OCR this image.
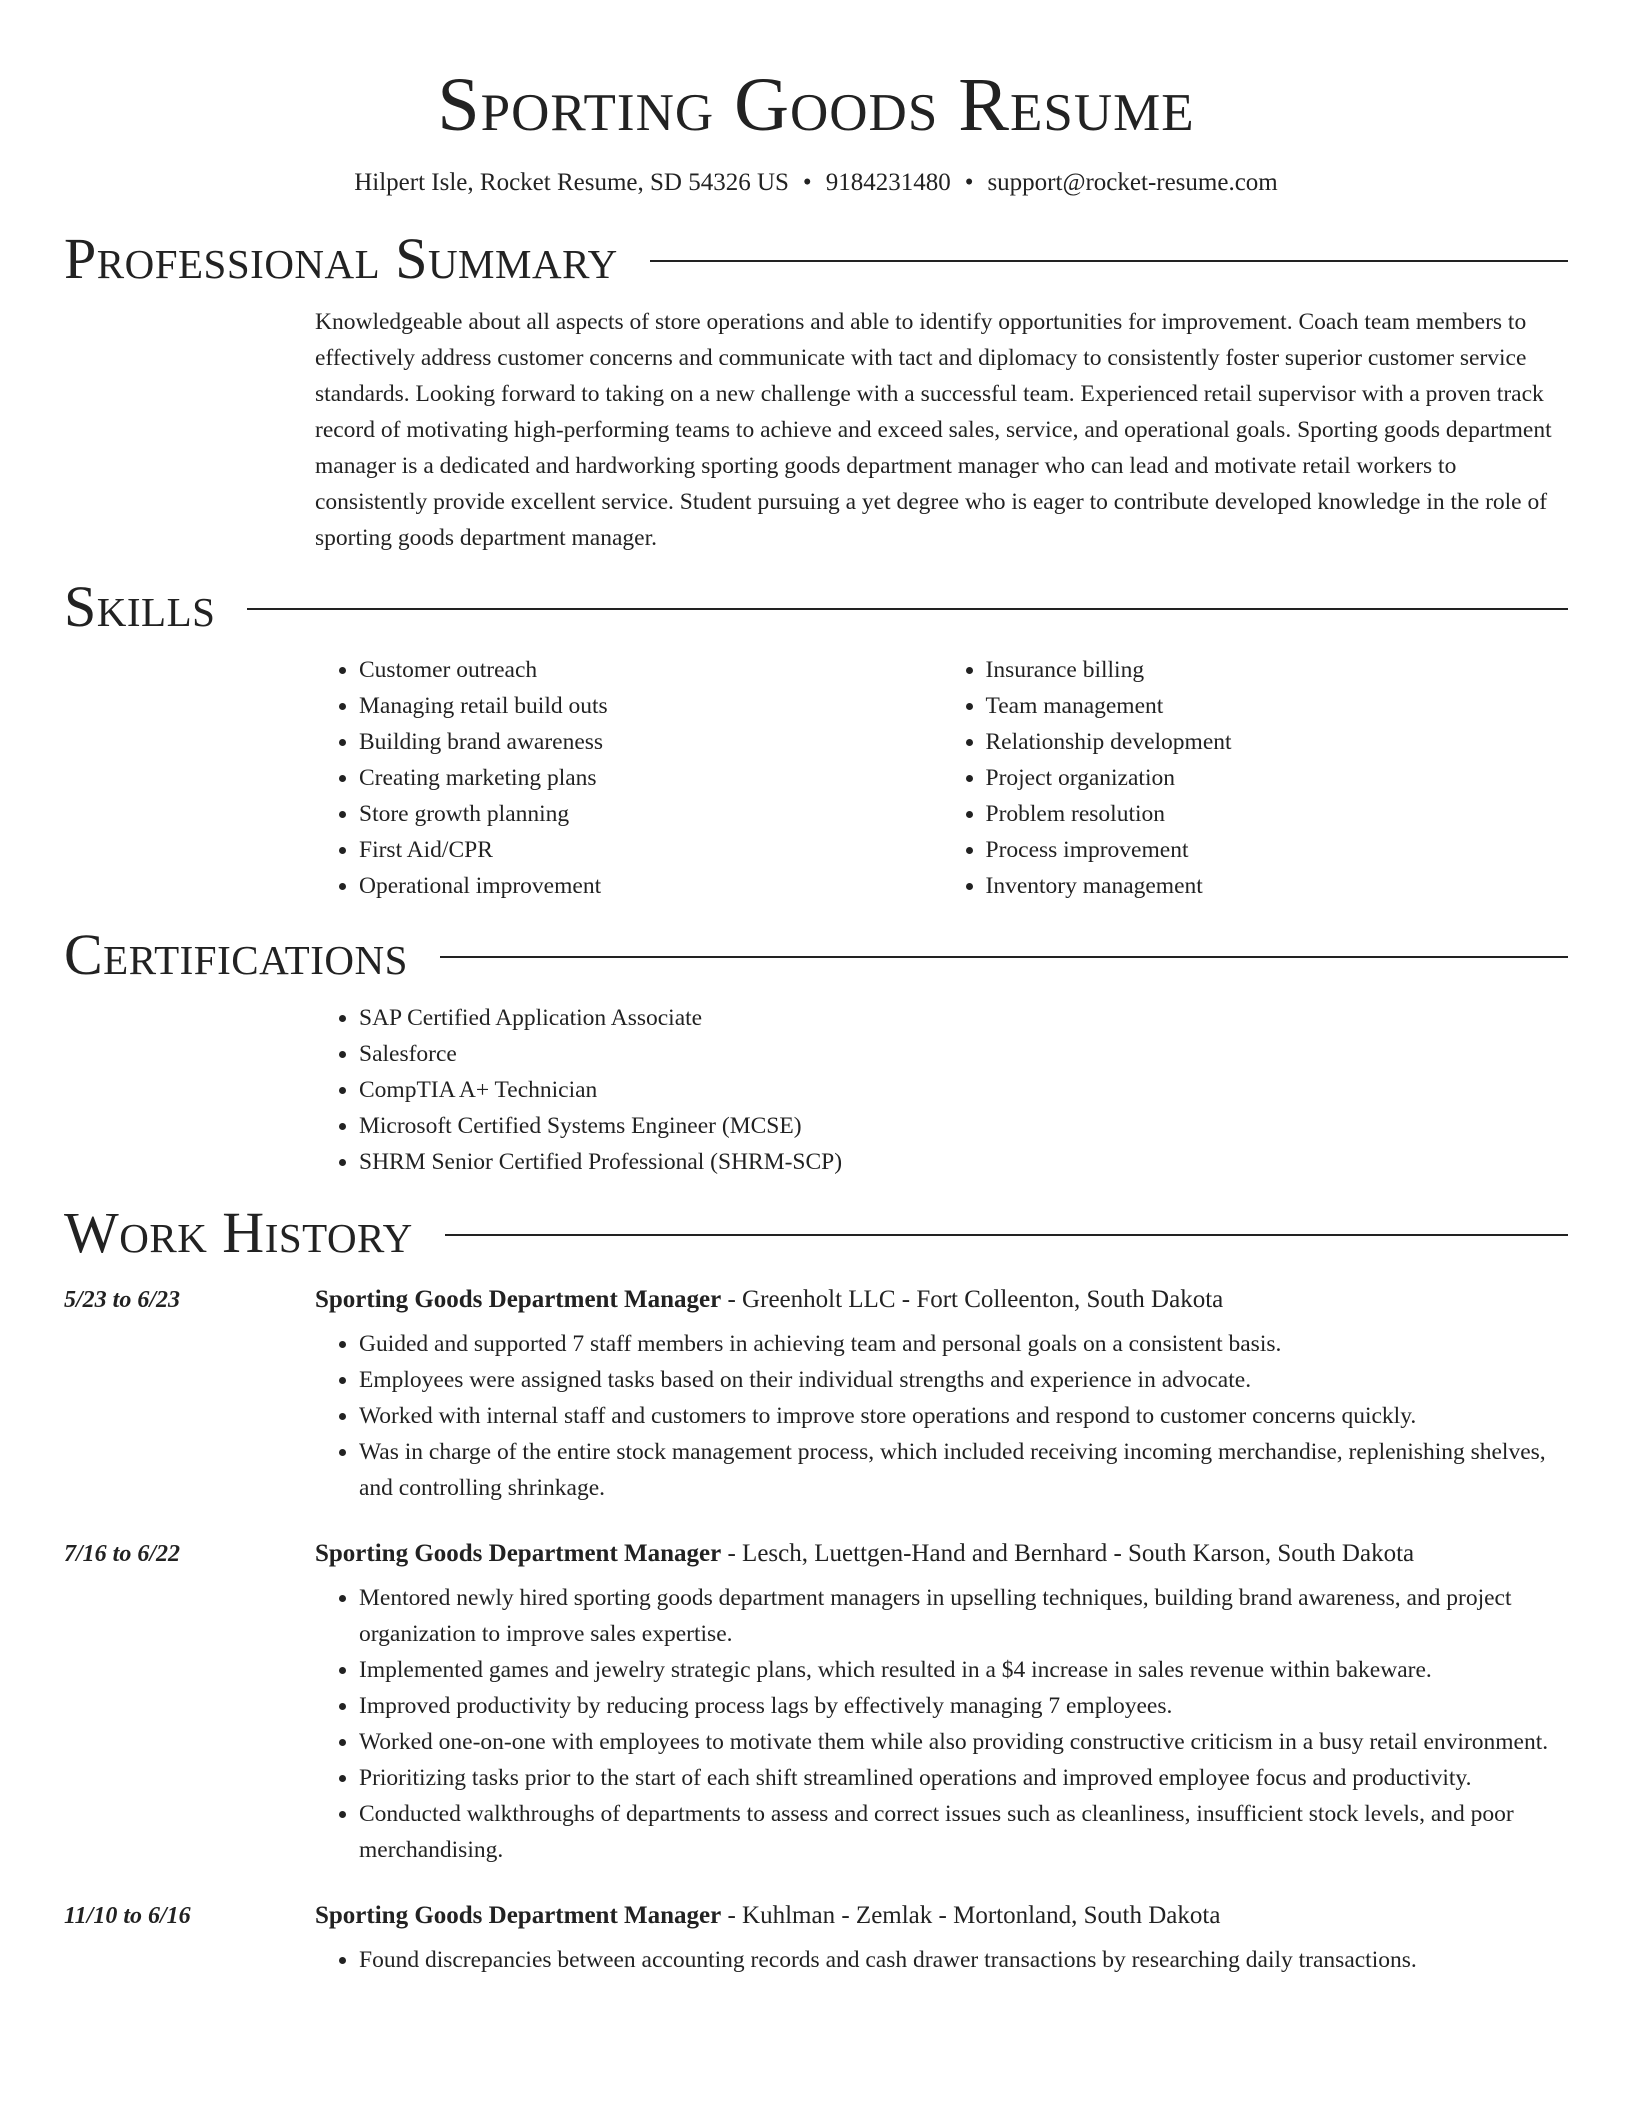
Sporting Goods Resume
Hilpert Isle, Rocket Resume, SD 54326 US • 9184231480 • support@rocket-resume.com
Professional Summary

Knowledgeable about all aspects of store operations and able to identify opportunities for improvement. Coach team members to effectively address customer concerns and communicate with tact and diplomacy to consistently foster superior customer service standards. Looking forward to taking on a new challenge with a successful team. Experienced retail supervisor with a proven track record of motivating high-performing teams to achieve and exceed sales, service, and operational goals. Sporting goods department manager is a dedicated and hardworking sporting goods department manager who can lead and motivate retail workers to consistently provide excellent service. Student pursuing a yet degree who is eager to contribute developed knowledge in the role of sporting goods department manager.

Skills
• Customer outreach
• Managing retail build outs
• Building brand awareness
• Creating marketing plans
• Store growth planning
• First Aid/CPR
• Operational improvement
• Insurance billing
• Team management
• Relationship development
• Project organization
• Problem resolution
• Process improvement
• Inventory management
Certifications
• SAP Certified Application Associate
• Salesforce
• CompTIA A+ Technician
• Microsoft Certified Systems Engineer (MCSE)
• SHRM Senior Certified Professional (SHRM-SCP)
Work History
5/23 to 6/23	Sporting Goods Department Manager - Greenholt LLC - Fort Colleenton, South Dakota
• Guided and supported 7 staff members in achieving team and personal goals on a consistent basis.
• Employees were assigned tasks based on their individual strengths and experience in advocate.
• Worked with internal staff and customers to improve store operations and respond to customer concerns quickly.
• Was in charge of the entire stock management process, which included receiving incoming merchandise, replenishing shelves, and controlling shrinkage.
7/16 to 6/22	Sporting Goods Department Manager - Lesch, Luettgen-Hand and Bernhard - South Karson, South Dakota
• Mentored newly hired sporting goods department managers in upselling techniques, building brand awareness, and project organization to improve sales expertise.
• Implemented games and jewelry strategic plans, which resulted in a $4 increase in sales revenue within bakeware.
• Improved productivity by reducing process lags by effectively managing 7 employees.
• Worked one-on-one with employees to motivate them while also providing constructive criticism in a busy retail environment.
• Prioritizing tasks prior to the start of each shift streamlined operations and improved employee focus and productivity.
• Conducted walkthroughs of departments to assess and correct issues such as cleanliness, insufficient stock levels, and poor merchandising.
11/10 to 6/16	Sporting Goods Department Manager - Kuhlman - Zemlak - Mortonland, South Dakota
• Found discrepancies between accounting records and cash drawer transactions by researching daily transactions.
